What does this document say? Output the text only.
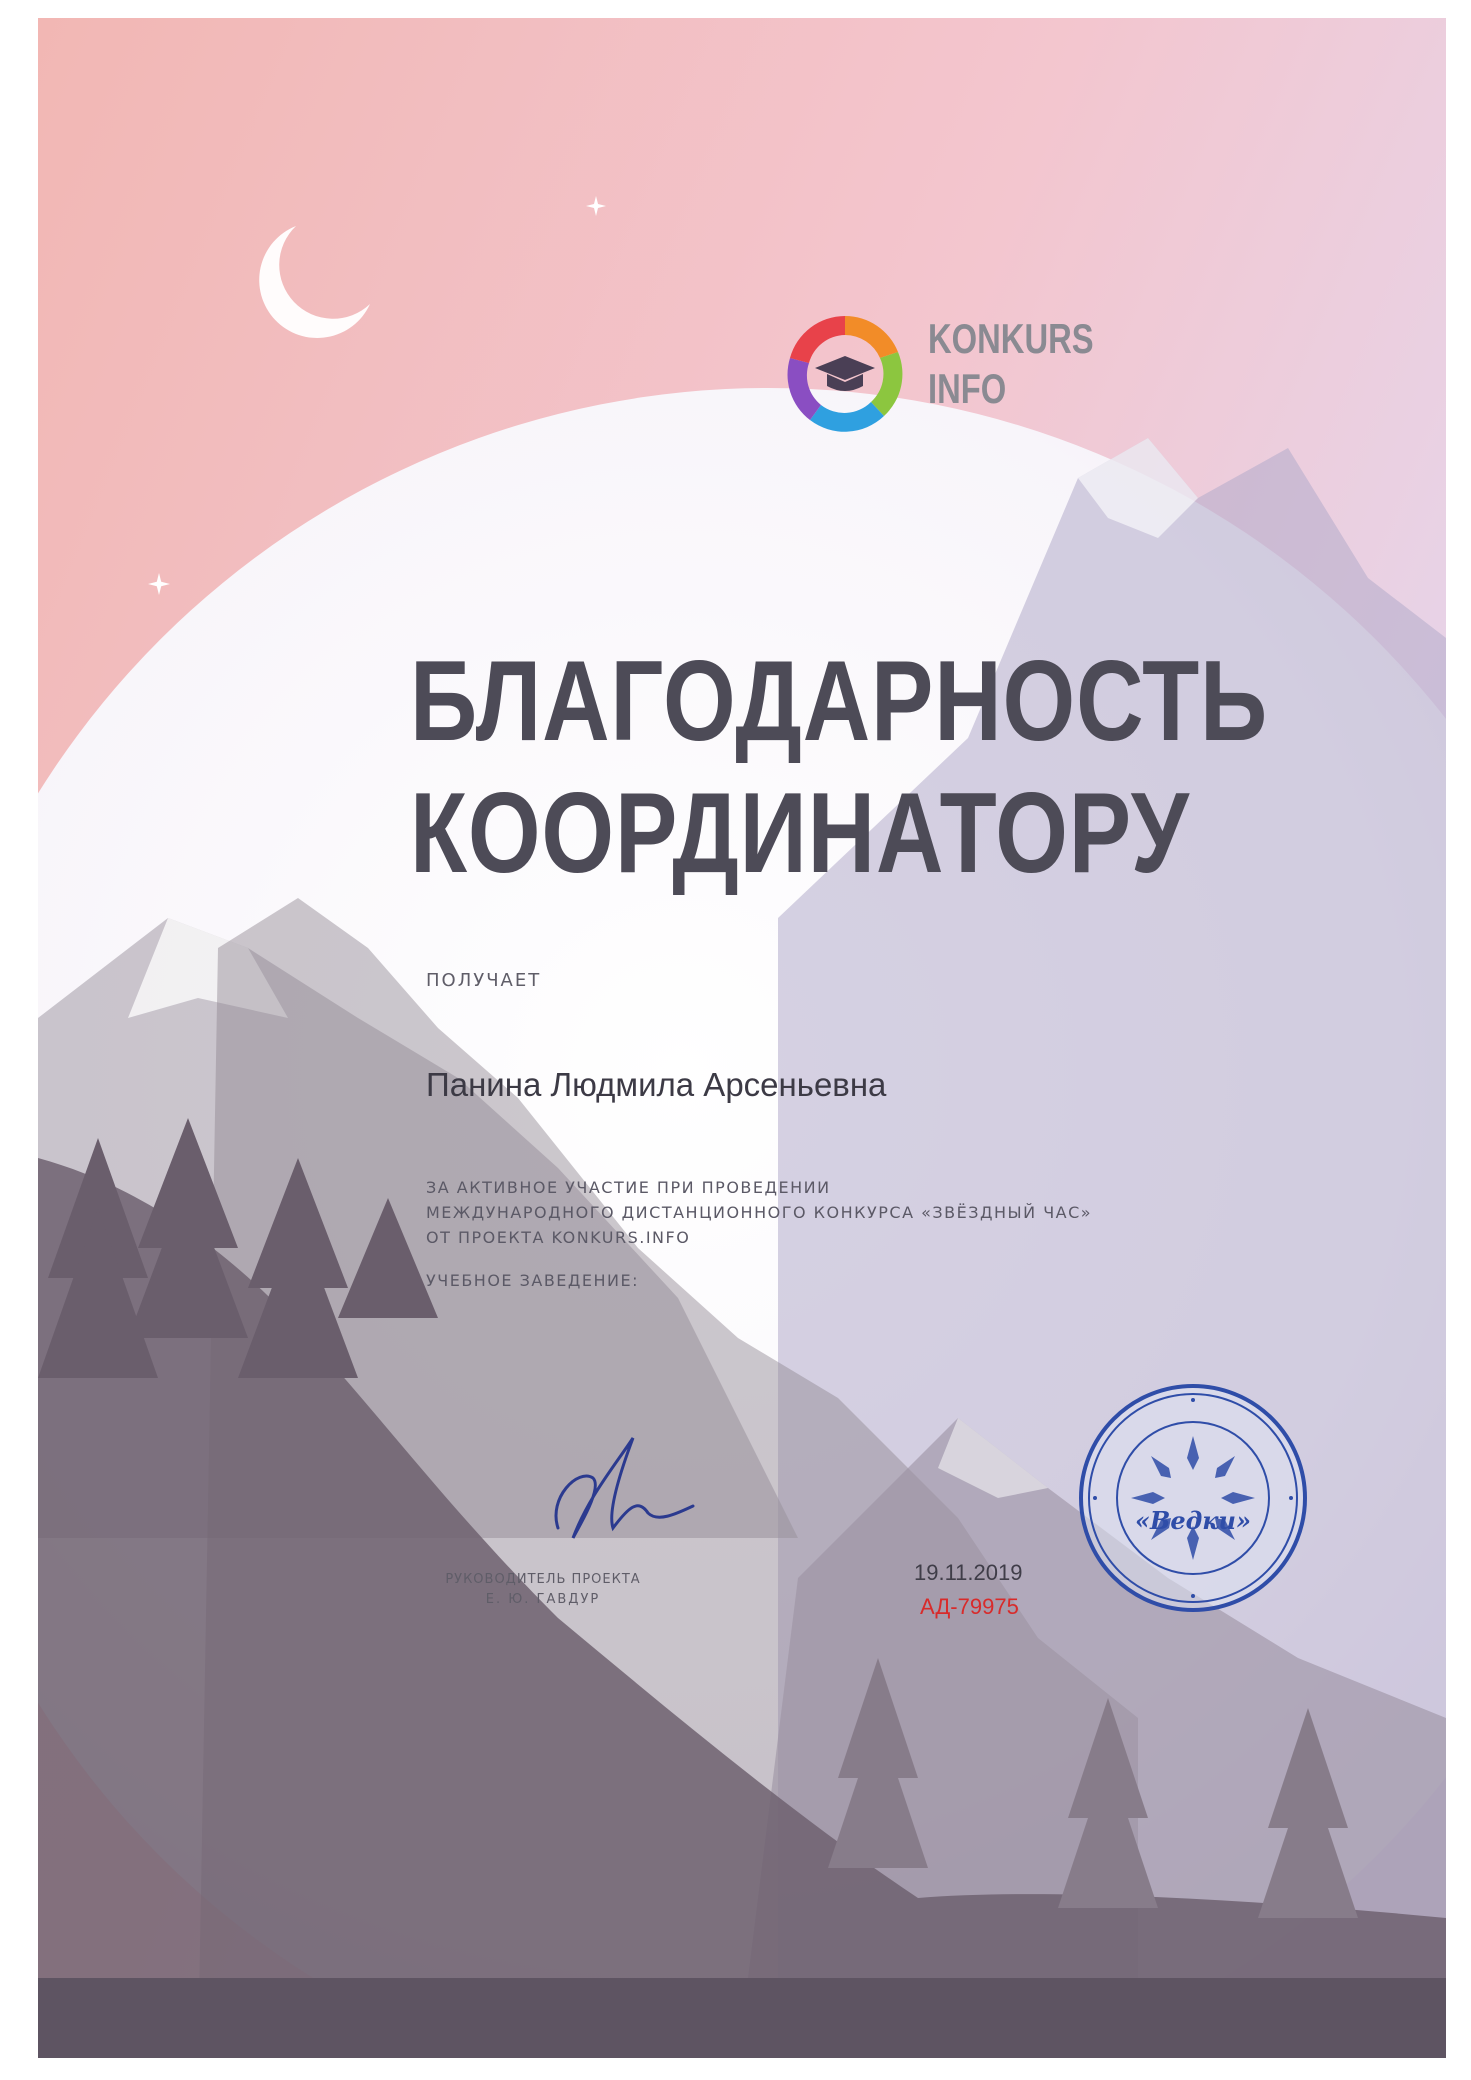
KONKURS
INFO
БЛАГОДАРНОСТЬ
КООРДИНАТОРУ

ПОЛУЧАЕТ

Панина Людмила Арсеньевна

ЗА АКТИВНОЕ УЧАСТИЕ ПРИ ПРОВЕДЕНИИ
МЕЖДУНАРОДНОГО ДИСТАНЦИОННОГО КОНКУРСА «ЗВЁЗДНЫЙ ЧАС»
ОТ ПРОЕКТА KONKURS.INFO

УЧЕБНОЕ ЗАВЕДЕНИЕ:

РУКОВОДИТЕЛЬ ПРОЕКТА

Е. Ю. ГАВДУР

19.11.2019

АД-79975

«Ведки»
